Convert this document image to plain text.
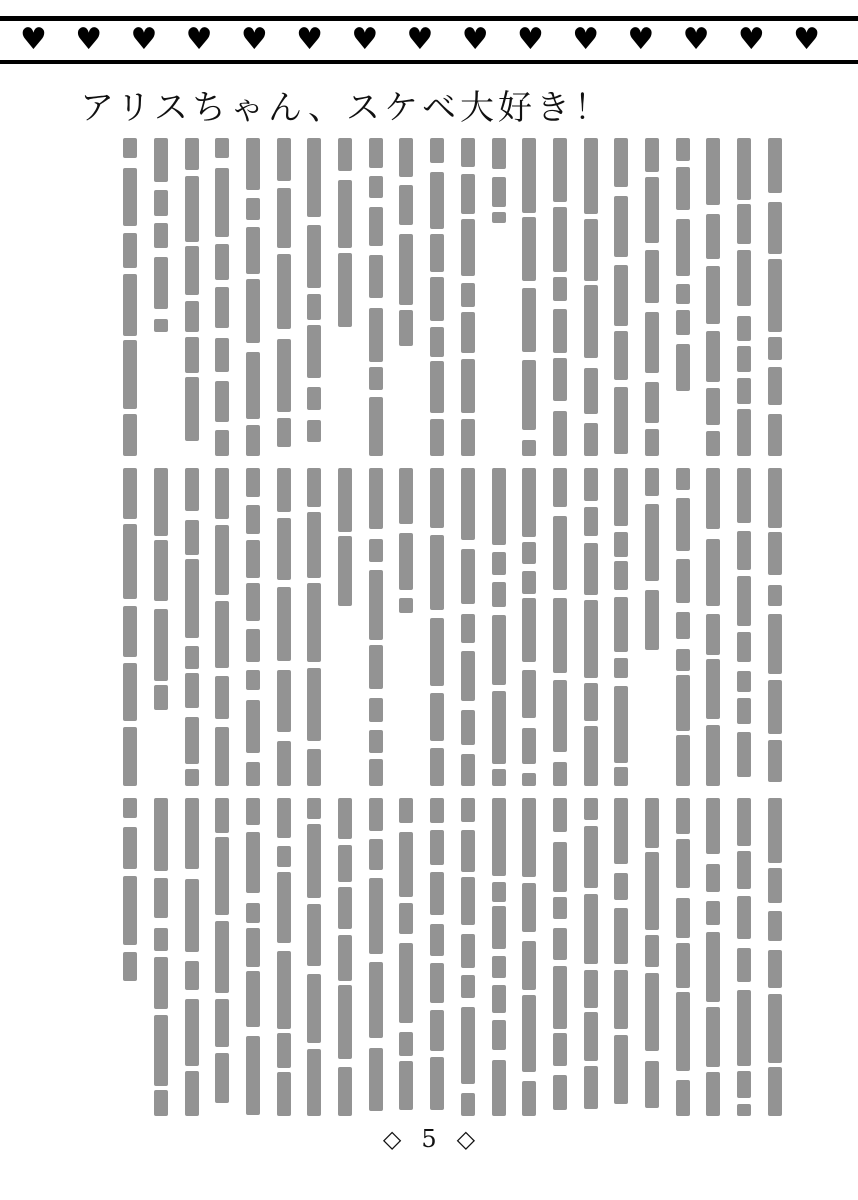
♥ ♥ ♥ ♥ ♥ ♥ ♥ ♥ ♥ ♥ ♥ ♥ ♥ ♥ ♥
アリスちゃん、スケベ大好き！
◇ 5 ◇
